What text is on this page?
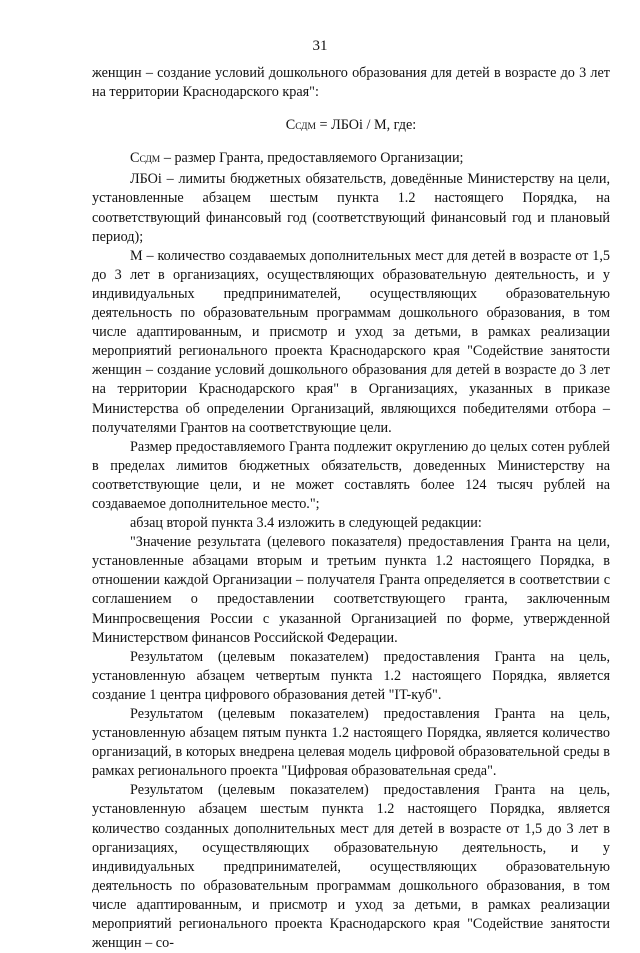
31

женщин – создание условий дошкольного образования для детей в возрасте до 3 лет на территории Краснодарского края":

ССДМ = ЛБОi / М, где:

ССДМ – размер Гранта, предоставляемого Организации;

ЛБОi – лимиты бюджетных обязательств, доведённые Министерству на цели, установленные абзацем шестым пункта 1.2 настоящего Порядка, на соответствующий финансовый год (соответствующий финансовый год и плановый период);

М – количество создаваемых дополнительных мест для детей в возрасте от 1,5 до 3 лет в организациях, осуществляющих образовательную деятельность, и у индивидуальных предпринимателей, осуществляющих образовательную деятельность по образовательным программам дошкольного образования, в том числе адаптированным, и присмотр и уход за детьми, в рамках реализации мероприятий регионального проекта Краснодарского края "Содействие занятости женщин – создание условий дошкольного образования для детей в возрасте до 3 лет на территории Краснодарского края" в Организациях, указанных в приказе Министерства об определении Организаций, являющихся победителями отбора – получателями Грантов на соответствующие цели.

Размер предоставляемого Гранта подлежит округлению до целых сотен рублей в пределах лимитов бюджетных обязательств, доведенных Министерству на соответствующие цели, и не может составлять более 124 тысяч рублей на создаваемое дополнительное место.";

абзац второй пункта 3.4 изложить в следующей редакции:

"Значение результата (целевого показателя) предоставления Гранта на цели, установленные абзацами вторым и третьим пункта 1.2 настоящего Порядка, в отношении каждой Организации – получателя Гранта определяется в соответствии с соглашением о предоставлении соответствующего гранта, заключенным Минпросвещения России с указанной Организацией по форме, утвержденной Министерством финансов Российской Федерации.

Результатом (целевым показателем) предоставления Гранта на цель, установленную абзацем четвертым пункта 1.2 настоящего Порядка, является создание 1 центра цифрового образования детей "IT-куб".

Результатом (целевым показателем) предоставления Гранта на цель, установленную абзацем пятым пункта 1.2 настоящего Порядка, является количество организаций, в которых внедрена целевая модель цифровой образовательной среды в рамках регионального проекта "Цифровая образовательная среда".

Результатом (целевым показателем) предоставления Гранта на цель, установленную абзацем шестым пункта 1.2 настоящего Порядка, является количество созданных дополнительных мест для детей в возрасте от 1,5 до 3 лет в организациях, осуществляющих образовательную деятельность, и у индивидуальных предпринимателей, осуществляющих образовательную деятельность по образовательным программам дошкольного образования, в том числе адаптированным, и присмотр и уход за детьми, в рамках реализации мероприятий регионального проекта Краснодарского края "Содействие занятости женщин – со-
